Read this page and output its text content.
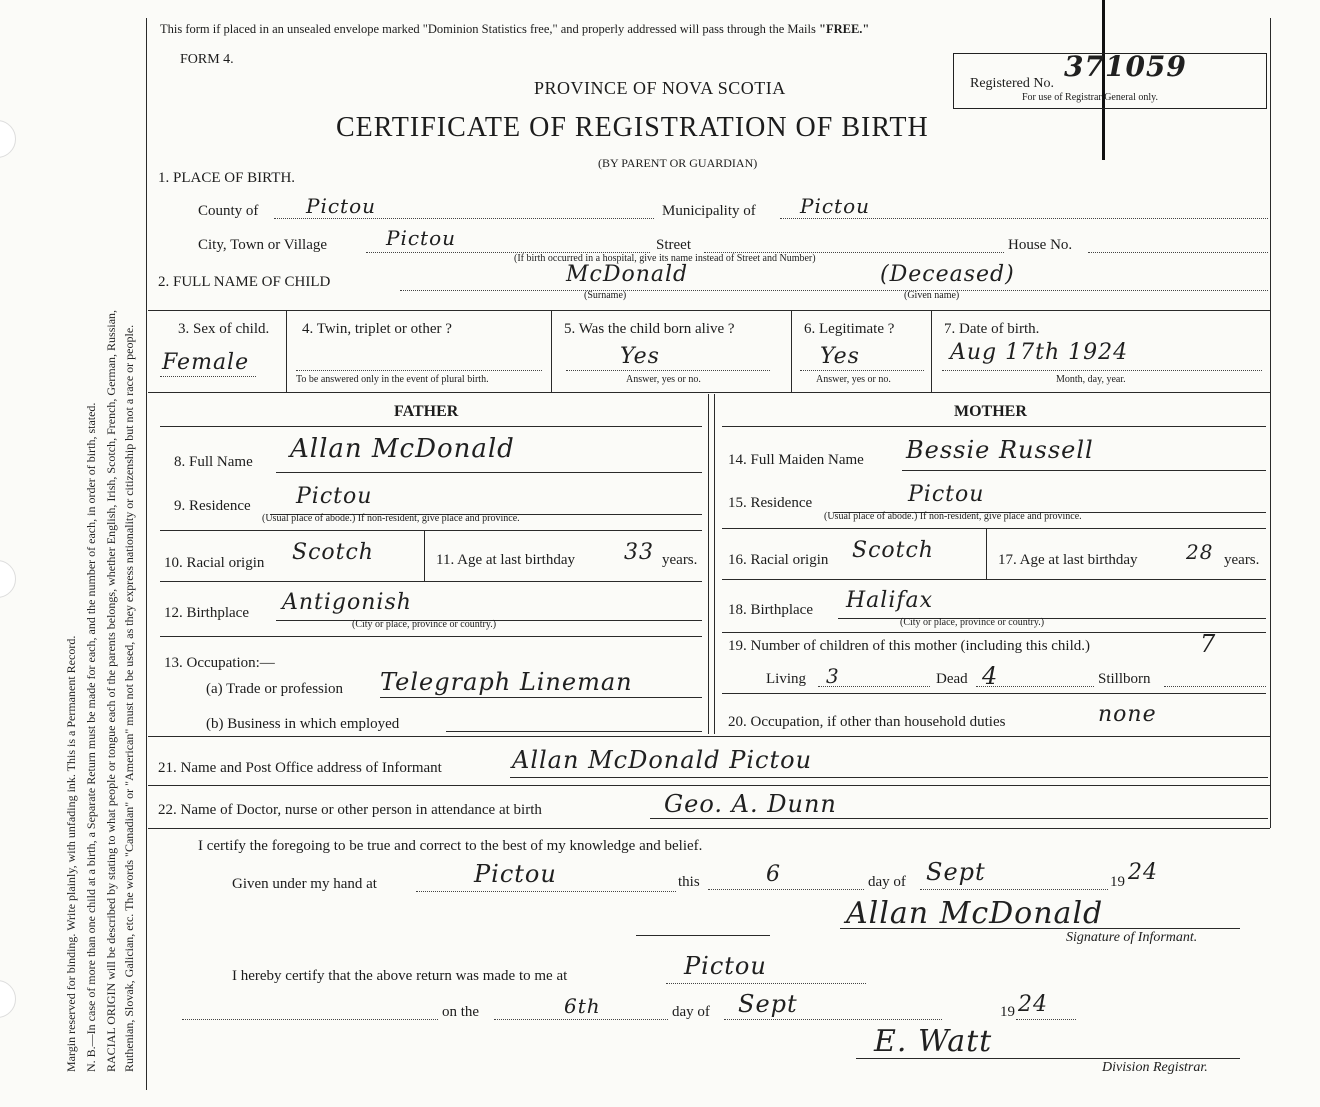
Margin reserved for binding. Write plainly, with unfading ink. This is a Permanent Record. N. B.—In case of more than one child at a birth, a Separate Return must be made for each, and the number of each, in order of birth, stated. RACIAL ORIGIN will be described by stating to what people or tongue each of the parents belongs, whether English, Irish, Scotch, French, German, Russian, Ruthenian, Slovak, Galician, etc. The words "Canadian" or "American" must not be used, as they express nationality or citizenship but not a race or people.
This form if placed in an unsealed envelope marked "Dominion Statistics free," and properly addressed will pass through the Mails "FREE."
FORM 4.
PROVINCE OF NOVA SCOTIA
CERTIFICATE OF REGISTRATION OF BIRTH
(BY PARENT OR GUARDIAN)
Registered No.
371059
For use of Registrar General only.
1. PLACE OF BIRTH.
County of Pictou	Municipality of Pictou
City, Town or Village	Pictou	Street	House No.
(If birth occurred in a hospital, give its name instead of Street and Number)
2. FULL NAME OF CHILD	McDonald
(Surname)
(Deceased)
(Given name)
3. Sex of child.
Female
4. Twin, triplet or other ?
To be answered only in the event of plural birth.
5. Was the child born alive ?
Yes
Answer, yes or no.
6. Legitimate ?
Yes
Answer, yes or no.
7. Date of birth.
Aug 17th 1924
Month, day, year.
FATHER	MOTHER
8. Full Name Allan McDonald
9. Residence Pictou
(Usual place of abode.) If non-resident, give place and province.
10. Racial origin Scotch	11. Age at last birthday 33 years.
12. Birthplace Antigonish
(City or place, province or country.)
13. Occupation:—
(a) Trade or profession Telegraph Lineman
(b) Business in which employed
14. Full Maiden Name Bessie Russell
15. Residence	Pictou
(Usual place of abode.) If non-resident, give place and province.
16. Racial origin Scotch	17. Age at last birthday 28 years.
18. Birthplace Halifax
(City or place, province or country.)
19. Number of children of this mother (including this child.)	7
Living 3	Dead 4	Stillborn
20. Occupation, if other than household duties	none
21. Name and Post Office address of Informant	Allan McDonald Pictou
22. Name of Doctor, nurse or other person in attendance at birth	Geo. A. Dunn
I certify the foregoing to be true and correct to the best of my knowledge and belief.
Given under my hand at	Pictou	this	6	day of Sept	19 24
Allan McDonald
Signature of Informant.
I hereby certify that the above return was made to me at	Pictou
on the	6th	day of Sept	19 24
E. Watt
Division Registrar.
